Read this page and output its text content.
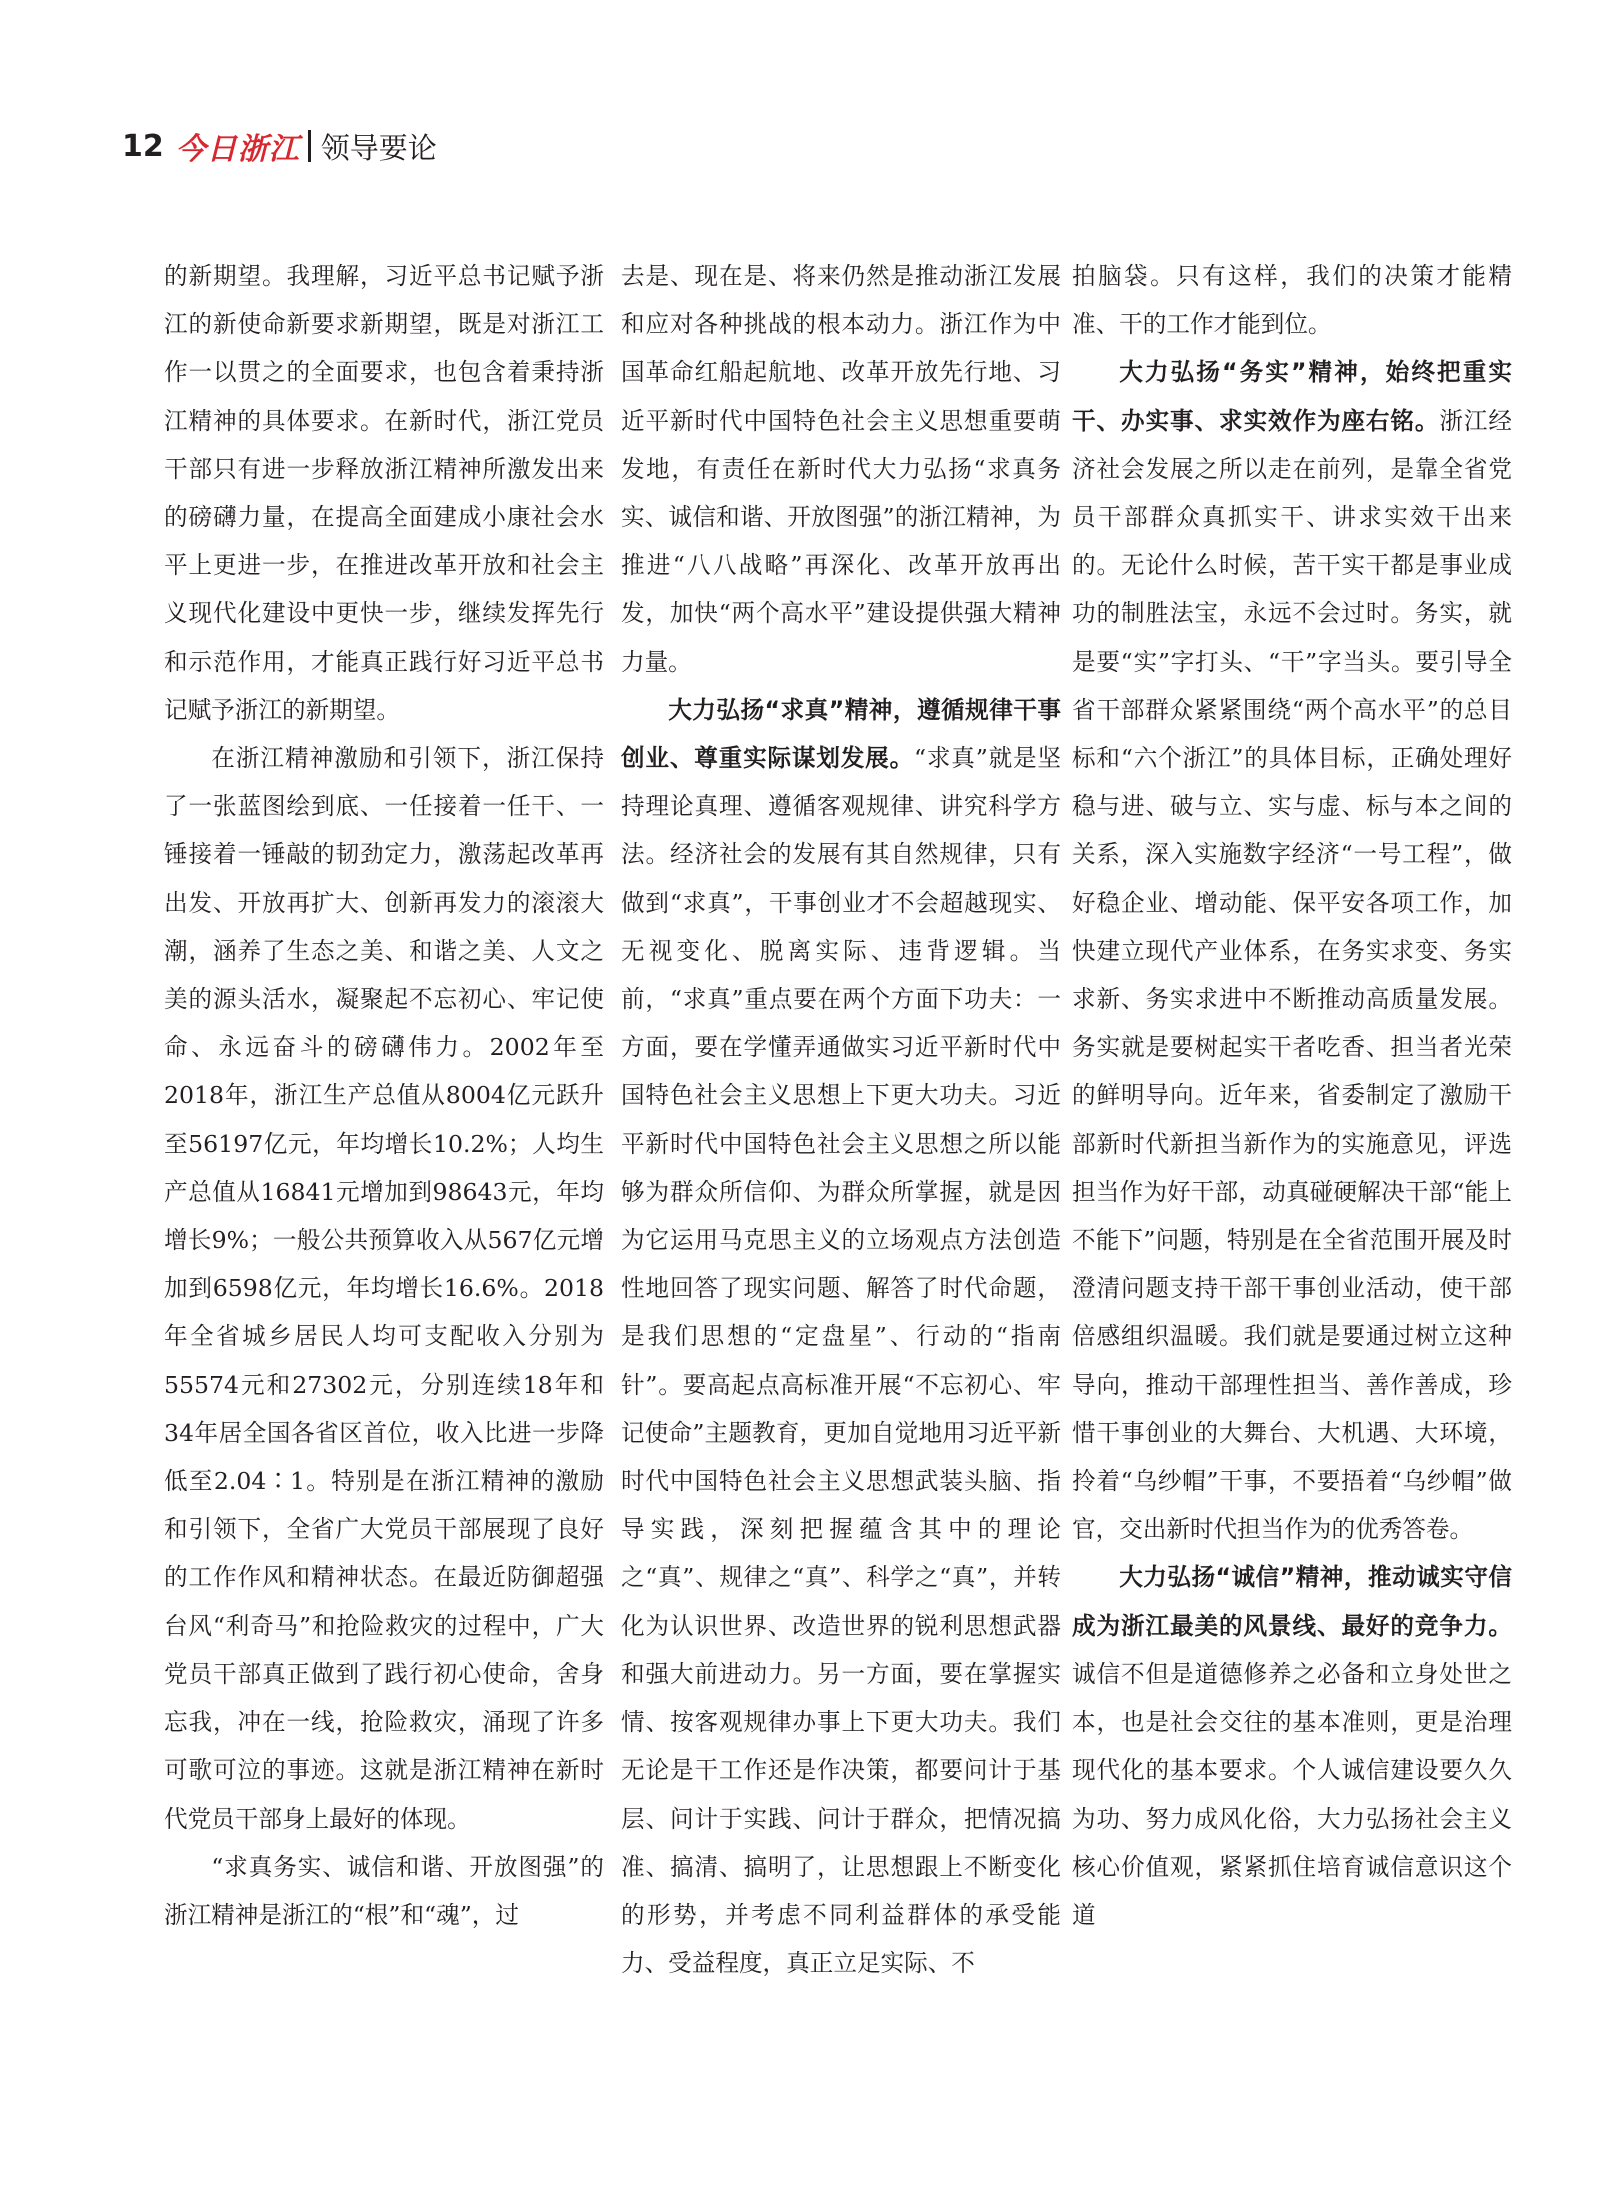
12 今日浙江 领导要论

的新期望。我理解，习近平总书记赋予浙江的新使命新要求新期望，既是对浙江工作一以贯之的全面要求，也包含着秉持浙江精神的具体要求。在新时代，浙江党员干部只有进一步释放浙江精神所激发出来的磅礴力量，在提高全面建成小康社会水平上更进一步，在推进改革开放和社会主义现代化建设中更快一步，继续发挥先行和示范作用，才能真正践行好习近平总书记赋予浙江的新期望。

在浙江精神激励和引领下，浙江保持了一张蓝图绘到底、一任接着一任干、一锤接着一锤敲的韧劲定力，激荡起改革再出发、开放再扩大、创新再发力的滚滚大潮，涵养了生态之美、和谐之美、人文之美的源头活水，凝聚起不忘初心、牢记使命、永远奋斗的磅礴伟力。2002年至2018年，浙江生产总值从8004亿元跃升至56197亿元，年均增长10.2%；人均生产总值从16841元增加到98643元，年均增长9%；一般公共预算收入从567亿元增加到6598亿元，年均增长16.6%。2018年全省城乡居民人均可支配收入分别为55574元和27302元，分别连续18年和34年居全国各省区首位，收入比进一步降低至2.04∶1。特别是在浙江精神的激励和引领下，全省广大党员干部展现了良好的工作作风和精神状态。在最近防御超强台风“利奇马”和抢险救灾的过程中，广大党员干部真正做到了践行初心使命，舍身忘我，冲在一线，抢险救灾，涌现了许多可歌可泣的事迹。这就是浙江精神在新时代党员干部身上最好的体现。

“求真务实、诚信和谐、开放图强”的浙江精神是浙江的“根”和“魂”，过

去是、现在是、将来仍然是推动浙江发展和应对各种挑战的根本动力。浙江作为中国革命红船起航地、改革开放先行地、习近平新时代中国特色社会主义思想重要萌发地，有责任在新时代大力弘扬“求真务实、诚信和谐、开放图强”的浙江精神，为推进“八八战略”再深化、改革开放再出发，加快“两个高水平”建设提供强大精神力量。

大力弘扬“求真”精神，遵循规律干事创业、尊重实际谋划发展。“求真”就是坚持理论真理、遵循客观规律、讲究科学方法。经济社会的发展有其自然规律，只有做到“求真”，干事创业才不会超越现实、无视变化、脱离实际、违背逻辑。当前，“求真”重点要在两个方面下功夫：一方面，要在学懂弄通做实习近平新时代中国特色社会主义思想上下更大功夫。习近平新时代中国特色社会主义思想之所以能够为群众所信仰、为群众所掌握，就是因为它运用马克思主义的立场观点方法创造性地回答了现实问题、解答了时代命题，是我们思想的“定盘星”、行动的“指南针”。要高起点高标准开展“不忘初心、牢记使命”主题教育，更加自觉地用习近平新时代中国特色社会主义思想武装头脑、指导实践，深刻把握蕴含其中的理论之“真”、规律之“真”、科学之“真”，并转化为认识世界、改造世界的锐利思想武器和强大前进动力。另一方面，要在掌握实情、按客观规律办事上下更大功夫。我们无论是干工作还是作决策，都要问计于基层、问计于实践、问计于群众，把情况搞准、搞清、搞明了，让思想跟上不断变化的形势，并考虑不同利益群体的承受能力、受益程度，真正立足实际、不

拍脑袋。只有这样，我们的决策才能精准、干的工作才能到位。

大力弘扬“务实”精神，始终把重实干、办实事、求实效作为座右铭。浙江经济社会发展之所以走在前列，是靠全省党员干部群众真抓实干、讲求实效干出来的。无论什么时候，苦干实干都是事业成功的制胜法宝，永远不会过时。务实，就是要“实”字打头、“干”字当头。要引导全省干部群众紧紧围绕“两个高水平”的总目标和“六个浙江”的具体目标，正确处理好稳与进、破与立、实与虚、标与本之间的关系，深入实施数字经济“一号工程”，做好稳企业、增动能、保平安各项工作，加快建立现代产业体系，在务实求变、务实求新、务实求进中不断推动高质量发展。务实就是要树起实干者吃香、担当者光荣的鲜明导向。近年来，省委制定了激励干部新时代新担当新作为的实施意见，评选担当作为好干部，动真碰硬解决干部“能上不能下”问题，特别是在全省范围开展及时澄清问题支持干部干事创业活动，使干部倍感组织温暖。我们就是要通过树立这种导向，推动干部理性担当、善作善成，珍惜干事创业的大舞台、大机遇、大环境，拎着“乌纱帽”干事，不要捂着“乌纱帽”做官，交出新时代担当作为的优秀答卷。

大力弘扬“诚信”精神，推动诚实守信成为浙江最美的风景线、最好的竞争力。诚信不但是道德修养之必备和立身处世之本，也是社会交往的基本准则，更是治理现代化的基本要求。个人诚信建设要久久为功、努力成风化俗，大力弘扬社会主义核心价值观，紧紧抓住培育诚信意识这个道
